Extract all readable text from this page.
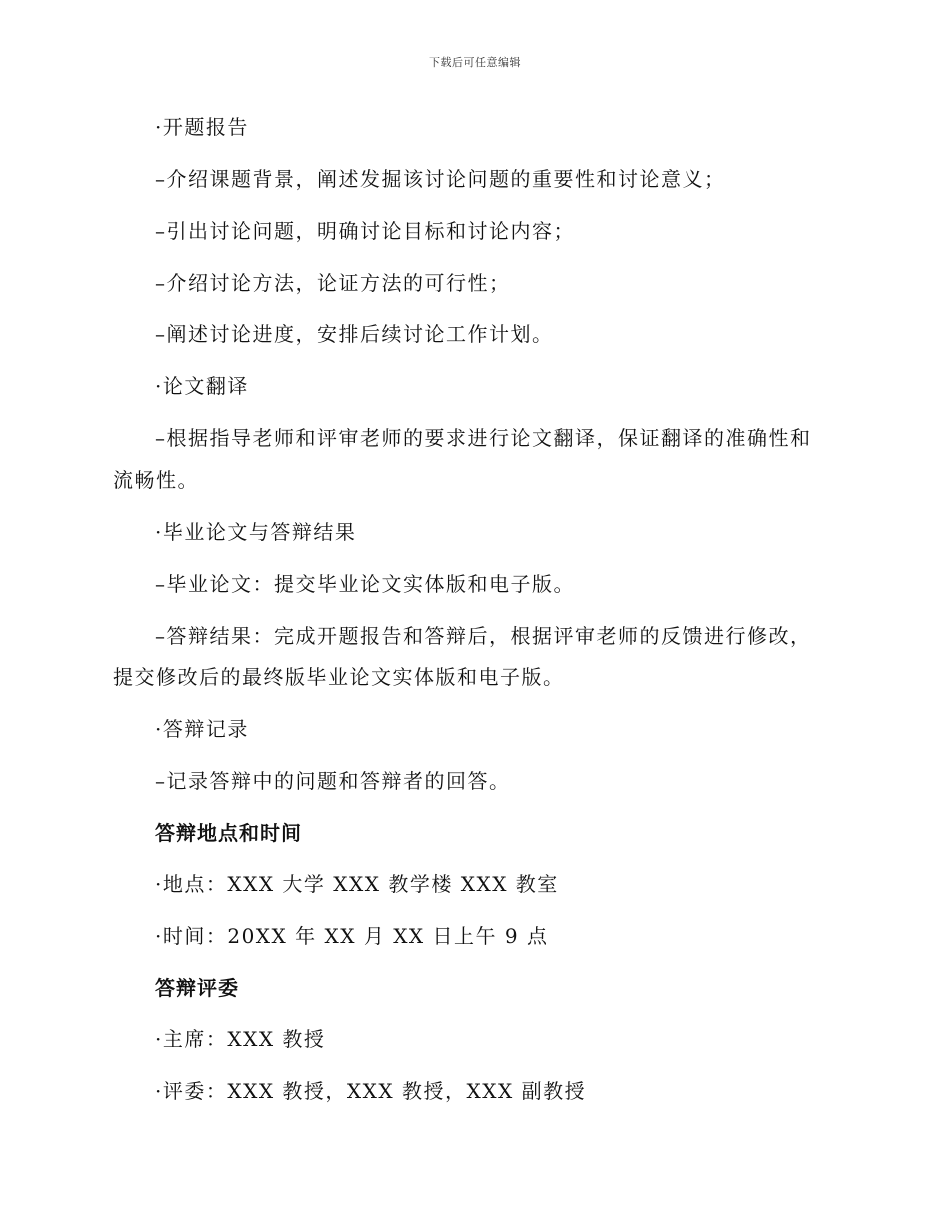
下载后可任意编辑
·开题报告
–介绍课题背景，阐述发掘该讨论问题的重要性和讨论意义；
–引出讨论问题，明确讨论目标和讨论内容；
–介绍讨论方法，论证方法的可行性；
–阐述讨论进度，安排后续讨论工作计划。
·论文翻译
–根据指导老师和评审老师的要求进行论文翻译，保证翻译的准确性和
流畅性。
·毕业论文与答辩结果
–毕业论文：提交毕业论文实体版和电子版。
–答辩结果：完成开题报告和答辩后，根据评审老师的反馈进行修改，
提交修改后的最终版毕业论文实体版和电子版。
·答辩记录
–记录答辩中的问题和答辩者的回答。
答辩地点和时间
·地点：XXX 大学 XXX 教学楼 XXX 教室
·时间：20XX 年 XX 月 XX 日上午 9 点
答辩评委
·主席：XXX 教授
·评委：XXX 教授，XXX 教授，XXX 副教授
